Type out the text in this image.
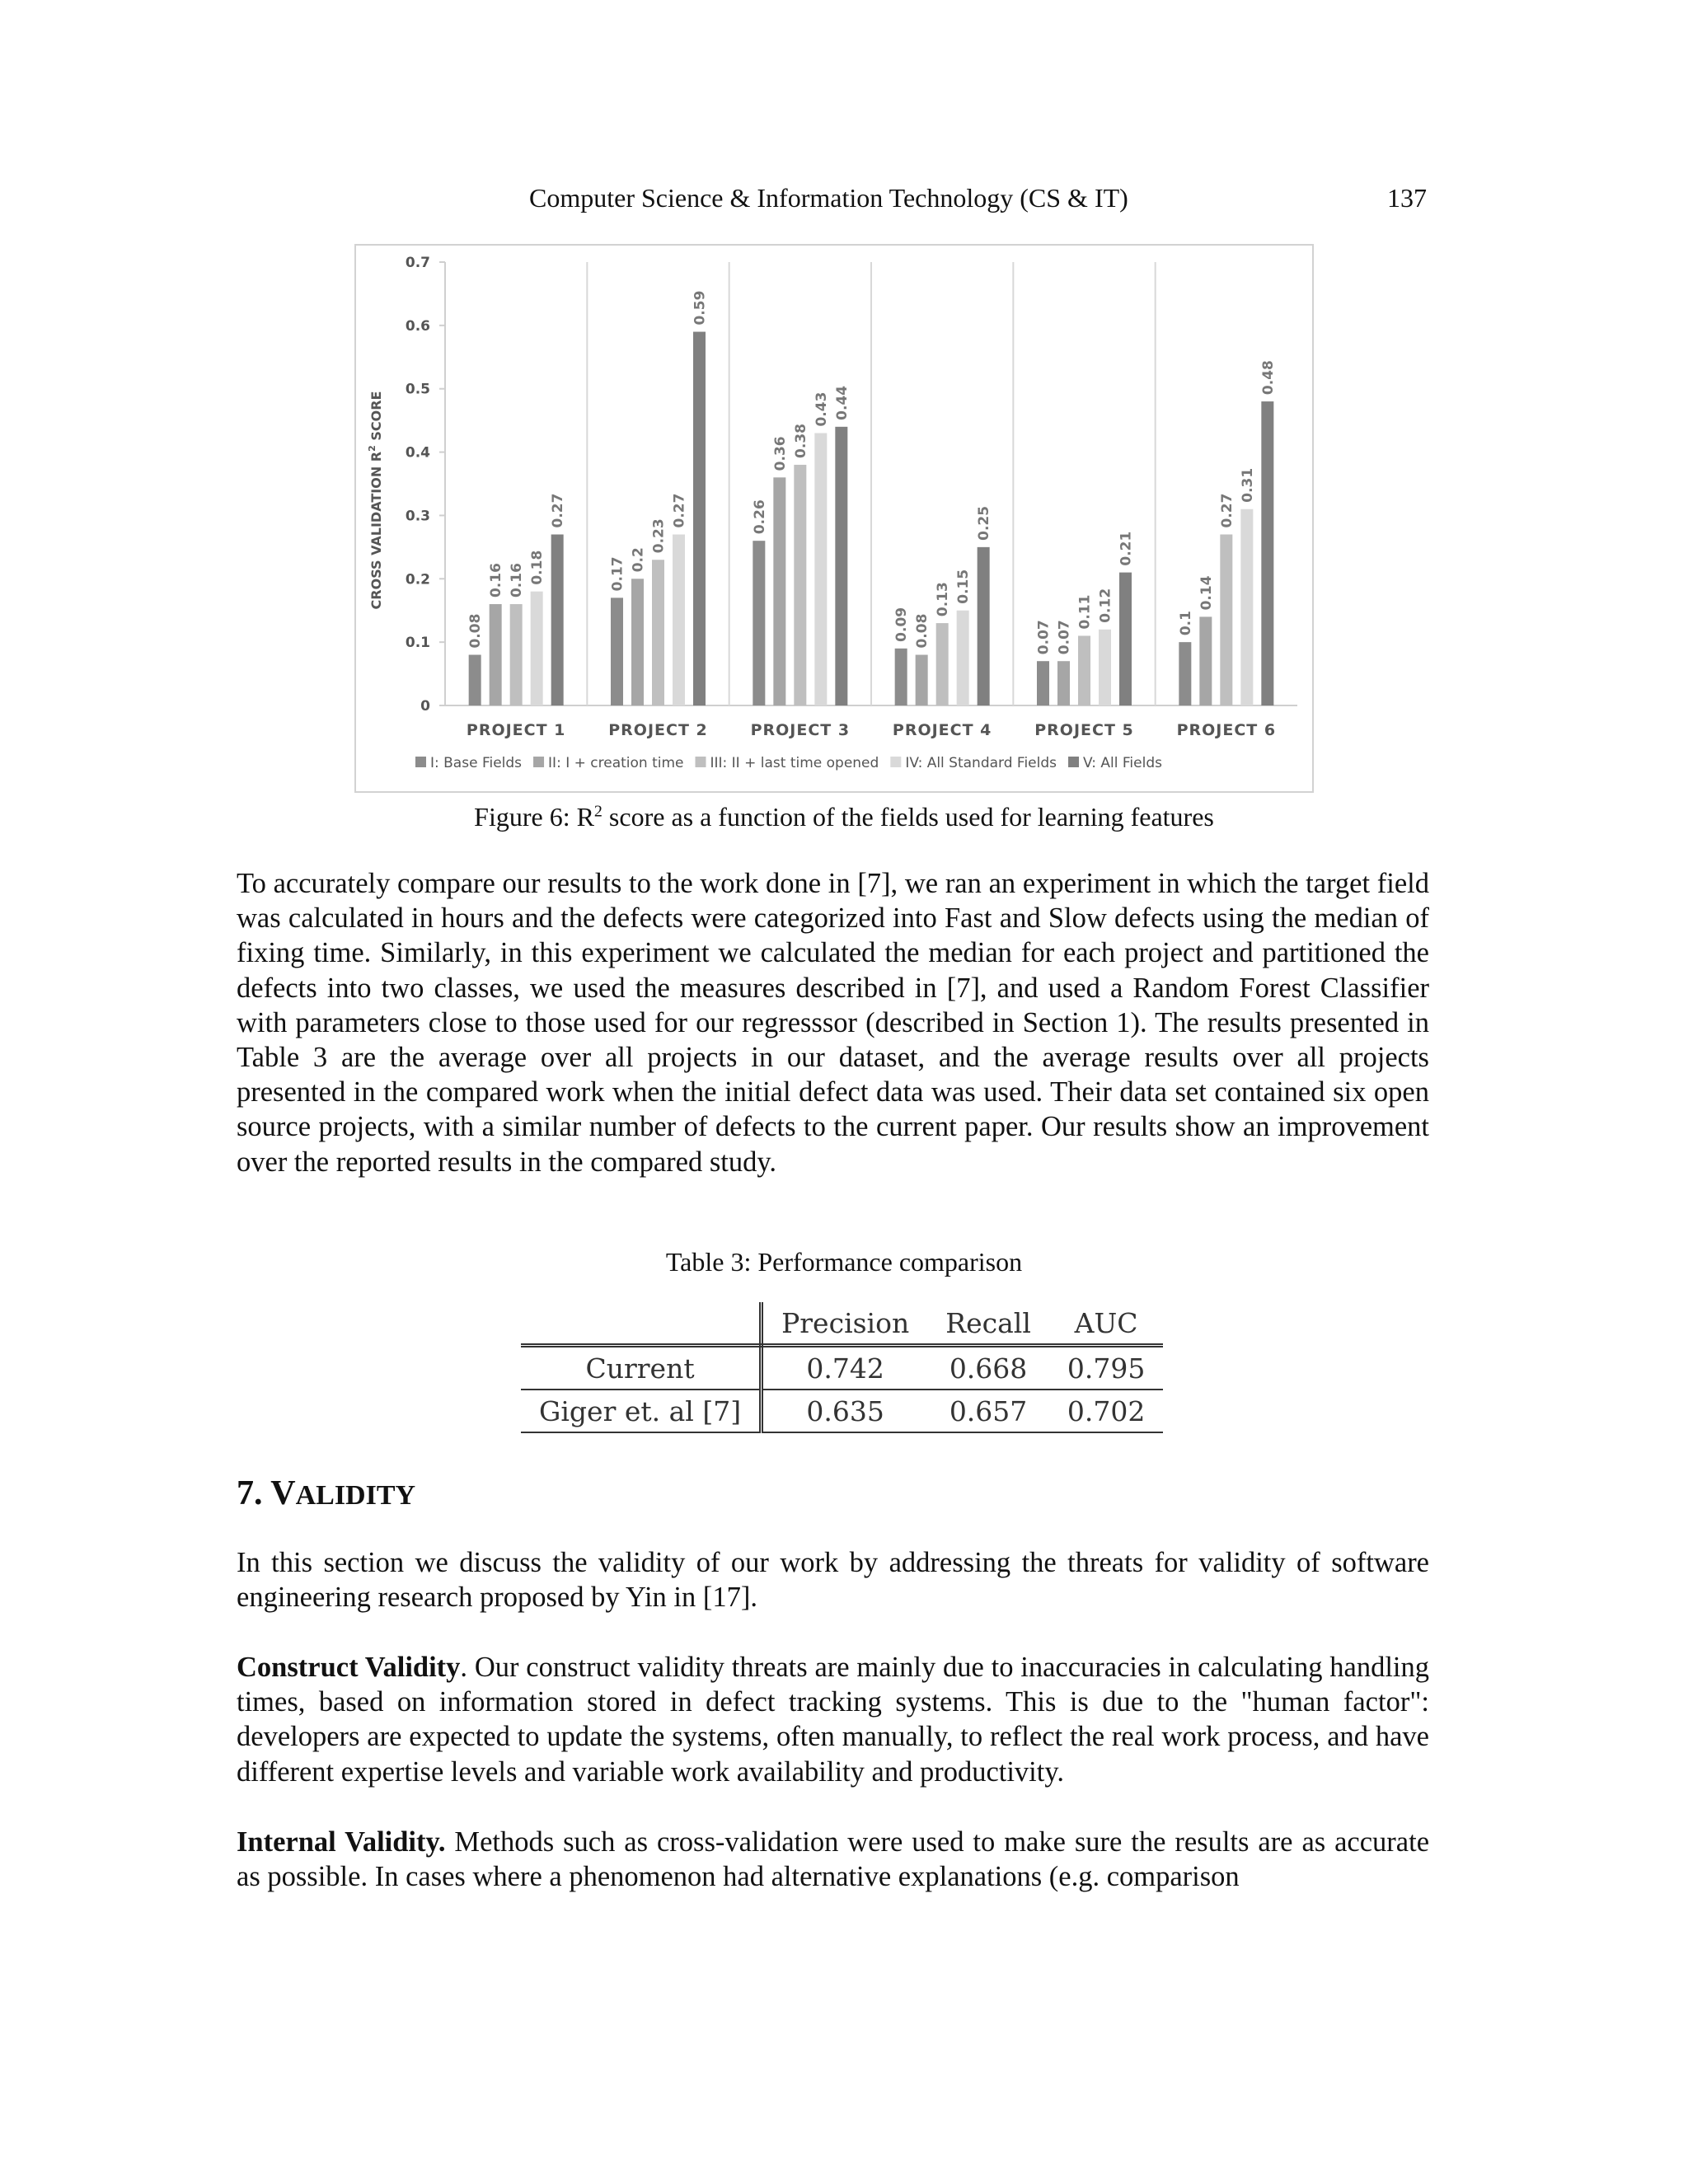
Computer Science & Information Technology (CS & IT)	137
0
0.1
0.2
0.3
0.4
0.5
0.6
0.7
CROSS VALIDATION $R^2$ SCORE
0.08
0.16 0.16 0.18
0.27
PROJECT 1
0.17 0.2
0.23
0.27
0.59
PROJECT 2
0.26
0.36 0.38
0.43 0.44
PROJECT 3
0.09 0.08
0.13 0.15
0.25
PROJECT 4
0.07 0.07
0.11 0.12
0.21
PROJECT 5
0.1
0.14
0.27
0.31
0.48
PROJECT 6
I: Base Fields II: I + creation time III: II + last time opened IV: All Standard Fields V: All Fields
Figure 6: $R^2$ score as a function of the fields used for learning features

To accurately compare our results to the work done in [7], we ran an experiment in which the target field was calculated in hours and the defects were categorized into Fast and Slow defects using the median of fixing time. Similarly, in this experiment we calculated the median for each project and partitioned the defects into two classes, we used the measures described in [7], and used a Random Forest Classifier with parameters close to those used for our regresssor (described in Section 1). The results presented in Table 3 are the average over all projects in our dataset, and the average results over all projects presented in the compared work when the initial defect data was used. Their data set contained six open source projects, with a similar number of defects to the current paper. Our results show an improvement over the reported results in the compared study.

Table 3: Performance comparison
	Precision	Recall	AUC
Current	0.742	0.668	0.795
Giger et. al [7]	0.635	0.657	0.702
7. VALIDITY

In this section we discuss the validity of our work by addressing the threats for validity of software engineering research proposed by Yin in [17].

Construct Validity. Our construct validity threats are mainly due to inaccuracies in calculating handling times, based on information stored in defect tracking systems. This is due to the "human factor": developers are expected to update the systems, often manually, to reflect the real work process, and have different expertise levels and variable work availability and productivity.

Internal Validity. Methods such as cross-validation were used to make sure the results are as accurate as possible. In cases where a phenomenon had alternative explanations (e.g. comparison
